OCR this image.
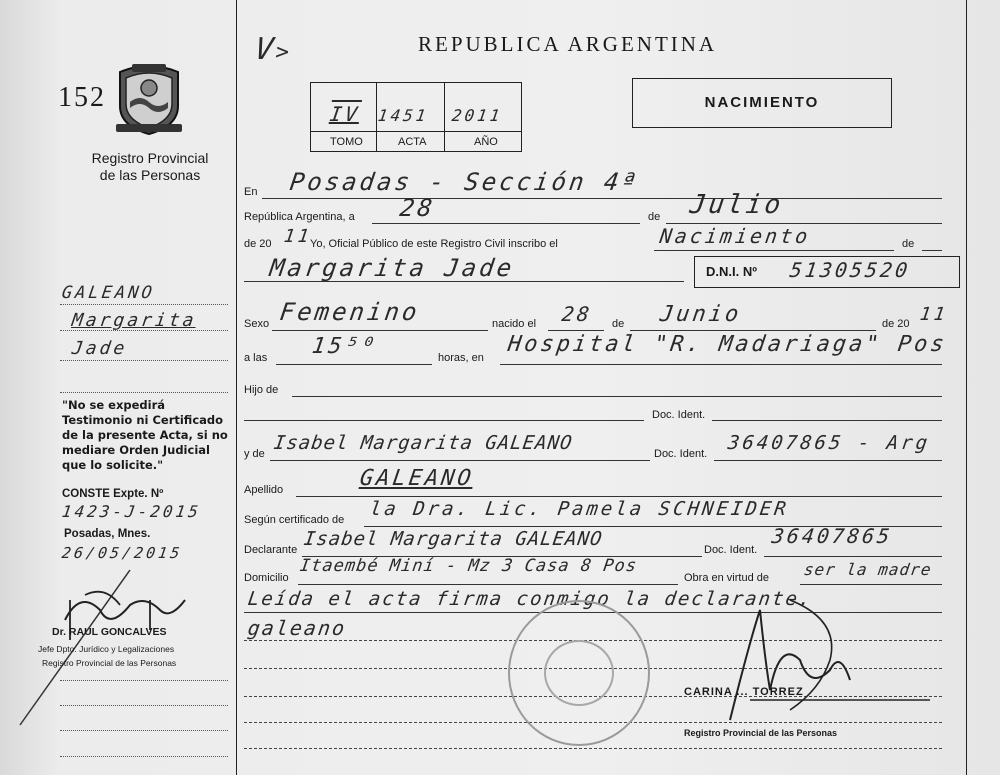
152
Registro Provincial
de las Personas
GALEANO
Margarita
Jade
"No se expedirá Testimonio ni Certificado de la presente Acta, si no mediare Orden Judicial que lo solicite."
CONSTE Expte. Nº
1423-J-2015
Posadas, Mnes.
26/05/2015
Dr. RAUL GONCALVES
Jefe Dpto. Jurídico y Legalizaciones
Registro Provincial de las Personas
V>	REPUBLICA ARGENTINA
NACIMIENTO
TOMO	ACTA	AÑO
IV 1451 2011
En Posadas - Sección 4ª
República Argentina, a 28	de Julio
de 20 11
Yo, Oficial Público de este Registro Civil inscribo el	Nacimiento	de
Margarita Jade	D.N.I. Nº 51305520
Sexo Femenino	nacido el 28 de Junio	de 20 11
a las 15⁵⁰	horas, en
Hospital "R. Madariaga" Pos
Hijo de
Doc. Ident.
y de Isabel Margarita GALEANO	Doc. Ident. 36407865 - Arg
Apellido	GALEANO
Según certificado de la Dra. Lic. Pamela SCHNEIDER
Declarante Isabel Margarita GALEANO	Doc. Ident.
36407865
Domicilio
Itaembé Miní - Mz 3 Casa 8 Pos
Obra en virtud de ser la madre
Leída el acta firma conmigo la declarante.
galeano
CARINA ... TORREZ
Registro Provincial de las Personas
